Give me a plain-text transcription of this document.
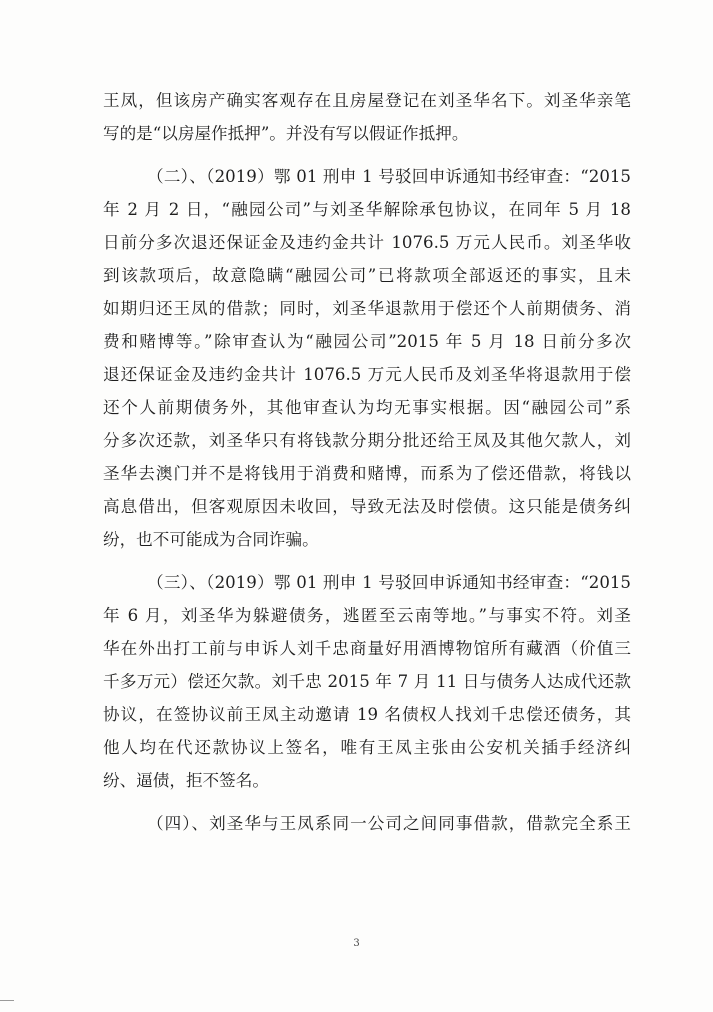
王凤，但该房产确实客观存在且房屋登记在刘圣华名下。刘圣华亲笔
写的是“以房屋作抵押”。并没有写以假证作抵押。
（二）、（2019）鄂 01 刑申 1 号驳回申诉通知书经审查：“2015
年 2 月 2 日，“融园公司”与刘圣华解除承包协议，在同年 5 月 18
日前分多次退还保证金及违约金共计 1076.5 万元人民币。刘圣华收
到该款项后，故意隐瞒“融园公司”已将款项全部返还的事实，且未
如期归还王凤的借款；同时，刘圣华退款用于偿还个人前期债务、消
费和赌博等。”除审查认为“融园公司”2015 年 5 月 18 日前分多次
退还保证金及违约金共计 1076.5 万元人民币及刘圣华将退款用于偿
还个人前期债务外，其他审查认为均无事实根据。因“融园公司”系
分多次还款，刘圣华只有将钱款分期分批还给王凤及其他欠款人，刘
圣华去澳门并不是将钱用于消费和赌博，而系为了偿还借款，将钱以
高息借出，但客观原因未收回，导致无法及时偿债。这只能是债务纠
纷，也不可能成为合同诈骗。
（三）、（2019）鄂 01 刑申 1 号驳回申诉通知书经审查：“2015
年 6 月，刘圣华为躲避债务，逃匿至云南等地。”与事实不符。刘圣
华在外出打工前与申诉人刘千忠商量好用酒博物馆所有藏酒（价值三
千多万元）偿还欠款。刘千忠 2015 年 7 月 11 日与债务人达成代还款
协议，在签协议前王凤主动邀请 19 名债权人找刘千忠偿还债务，其
他人均在代还款协议上签名，唯有王凤主张由公安机关插手经济纠
纷、逼债，拒不签名。
（四）、刘圣华与王凤系同一公司之间同事借款，借款完全系王
3
